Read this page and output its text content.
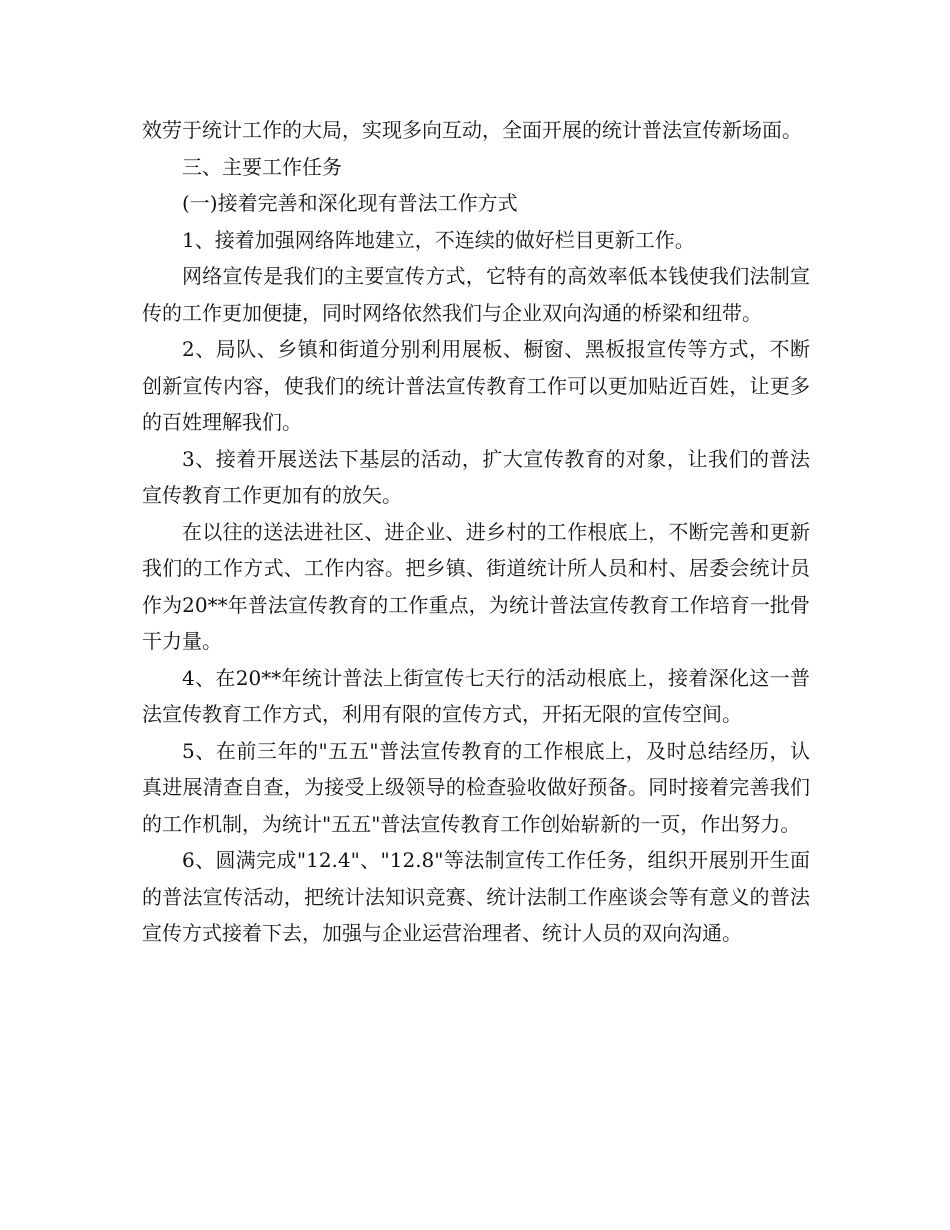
效劳于统计工作的大局，实现多向互动，全面开展的统计普法宣传新场面。

三、主要工作任务

(一)接着完善和深化现有普法工作方式

1、接着加强网络阵地建立，不连续的做好栏目更新工作。

网络宣传是我们的主要宣传方式，它特有的高效率低本钱使我们法制宣传的工作更加便捷，同时网络依然我们与企业双向沟通的桥梁和纽带。

2、局队、乡镇和街道分别利用展板、橱窗、黑板报宣传等方式，不断创新宣传内容，使我们的统计普法宣传教育工作可以更加贴近百姓，让更多的百姓理解我们。

3、接着开展送法下基层的活动，扩大宣传教育的对象，让我们的普法宣传教育工作更加有的放矢。

在以往的送法进社区、进企业、进乡村的工作根底上，不断完善和更新我们的工作方式、工作内容。把乡镇、街道统计所人员和村、居委会统计员作为20**年普法宣传教育的工作重点，为统计普法宣传教育工作培育一批骨干力量。

4、在20**年统计普法上街宣传七天行的活动根底上，接着深化这一普法宣传教育工作方式，利用有限的宣传方式，开拓无限的宣传空间。

5、在前三年的"五五"普法宣传教育的工作根底上，及时总结经历，认真进展清查自查，为接受上级领导的检查验收做好预备。同时接着完善我们的工作机制，为统计"五五"普法宣传教育工作创始崭新的一页，作出努力。

6、圆满完成"12.4"、"12.8"等法制宣传工作任务，组织开展别开生面的普法宣传活动，把统计法知识竞赛、统计法制工作座谈会等有意义的普法宣传方式接着下去，加强与企业运营治理者、统计人员的双向沟通。
